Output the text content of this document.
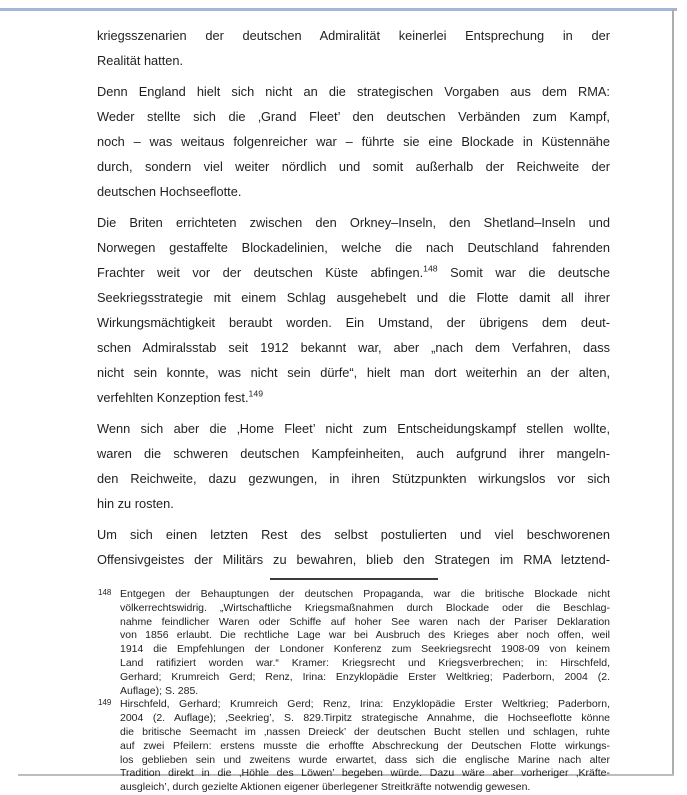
kriegsszenarien der deutschen Admiralität keinerlei Entsprechung in der
Realität hatten.
Denn England hielt sich nicht an die strategischen Vorgaben aus dem RMA:
Weder stellte sich die ‚Grand Fleet’ den deutschen Verbänden zum Kampf,
noch – was weitaus folgenreicher war – führte sie eine Blockade in Küstennähe
durch, sondern viel weiter nördlich und somit außerhalb der Reichweite der
deutschen Hochseeflotte.
Die Briten errichteten zwischen den Orkney–Inseln, den Shetland–Inseln und
Norwegen gestaffelte Blockadelinien, welche die nach Deutschland fahrenden
Frachter weit vor der deutschen Küste abfingen.$^{148}$ Somit war die deutsche
Seekriegsstrategie mit einem Schlag ausgehebelt und die Flotte damit all ihrer
Wirkungsmächtigkeit beraubt worden. Ein Umstand, der übrigens dem deut-
schen Admiralsstab seit 1912 bekannt war, aber „nach dem Verfahren, dass
nicht sein konnte, was nicht sein dürfe“, hielt man dort weiterhin an der alten,
verfehlten Konzeption fest.$^{149}$
Wenn sich aber die ‚Home Fleet’ nicht zum Entscheidungskampf stellen wollte,
waren die schweren deutschen Kampfeinheiten, auch aufgrund ihrer mangeln-
den Reichweite, dazu gezwungen, in ihren Stützpunkten wirkungslos vor sich
hin zu rosten.
Um sich einen letzten Rest des selbst postulierten und viel beschworenen
Offensivgeistes der Militärs zu bewahren, blieb den Strategen im RMA letztend-
148 Entgegen der Behauptungen der deutschen Propaganda, war die britische Blockade nicht
völkerrechtswidrig. „Wirtschaftliche Kriegsmaßnahmen durch Blockade oder die Beschlag-
nahme feindlicher Waren oder Schiffe auf hoher See waren nach der Pariser Deklaration
von 1856 erlaubt. Die rechtliche Lage war bei Ausbruch des Krieges aber noch offen, weil
1914 die Empfehlungen der Londoner Konferenz zum Seekriegsrecht 1908-09 von keinem
Land ratifiziert worden war.“ Kramer: Kriegsrecht und Kriegsverbrechen; in: Hirschfeld,
Gerhard; Krumreich Gerd; Renz, Irina: Enzyklopädie Erster Weltkrieg; Paderborn, 2004 (2.
Auflage); S. 285.
149 Hirschfeld, Gerhard; Krumreich Gerd; Renz, Irina: Enzyklopädie Erster Weltkrieg; Paderborn,
2004 (2. Auflage); ‚Seekrieg’, S. 829.Tirpitz strategische Annahme, die Hochseeflotte könne
die britische Seemacht im ‚nassen Dreieck’ der deutschen Bucht stellen und schlagen, ruhte
auf zwei Pfeilern: erstens musste die erhoffte Abschreckung der Deutschen Flotte wirkungs-
los geblieben sein und zweitens wurde erwartet, dass sich die englische Marine nach alter
Tradition direkt in die ‚Höhle des Löwen’ begeben würde. Dazu wäre aber vorheriger ‚Kräfte-
ausgleich’, durch gezielte Aktionen eigener überlegener Streitkräfte notwendig gewesen.
